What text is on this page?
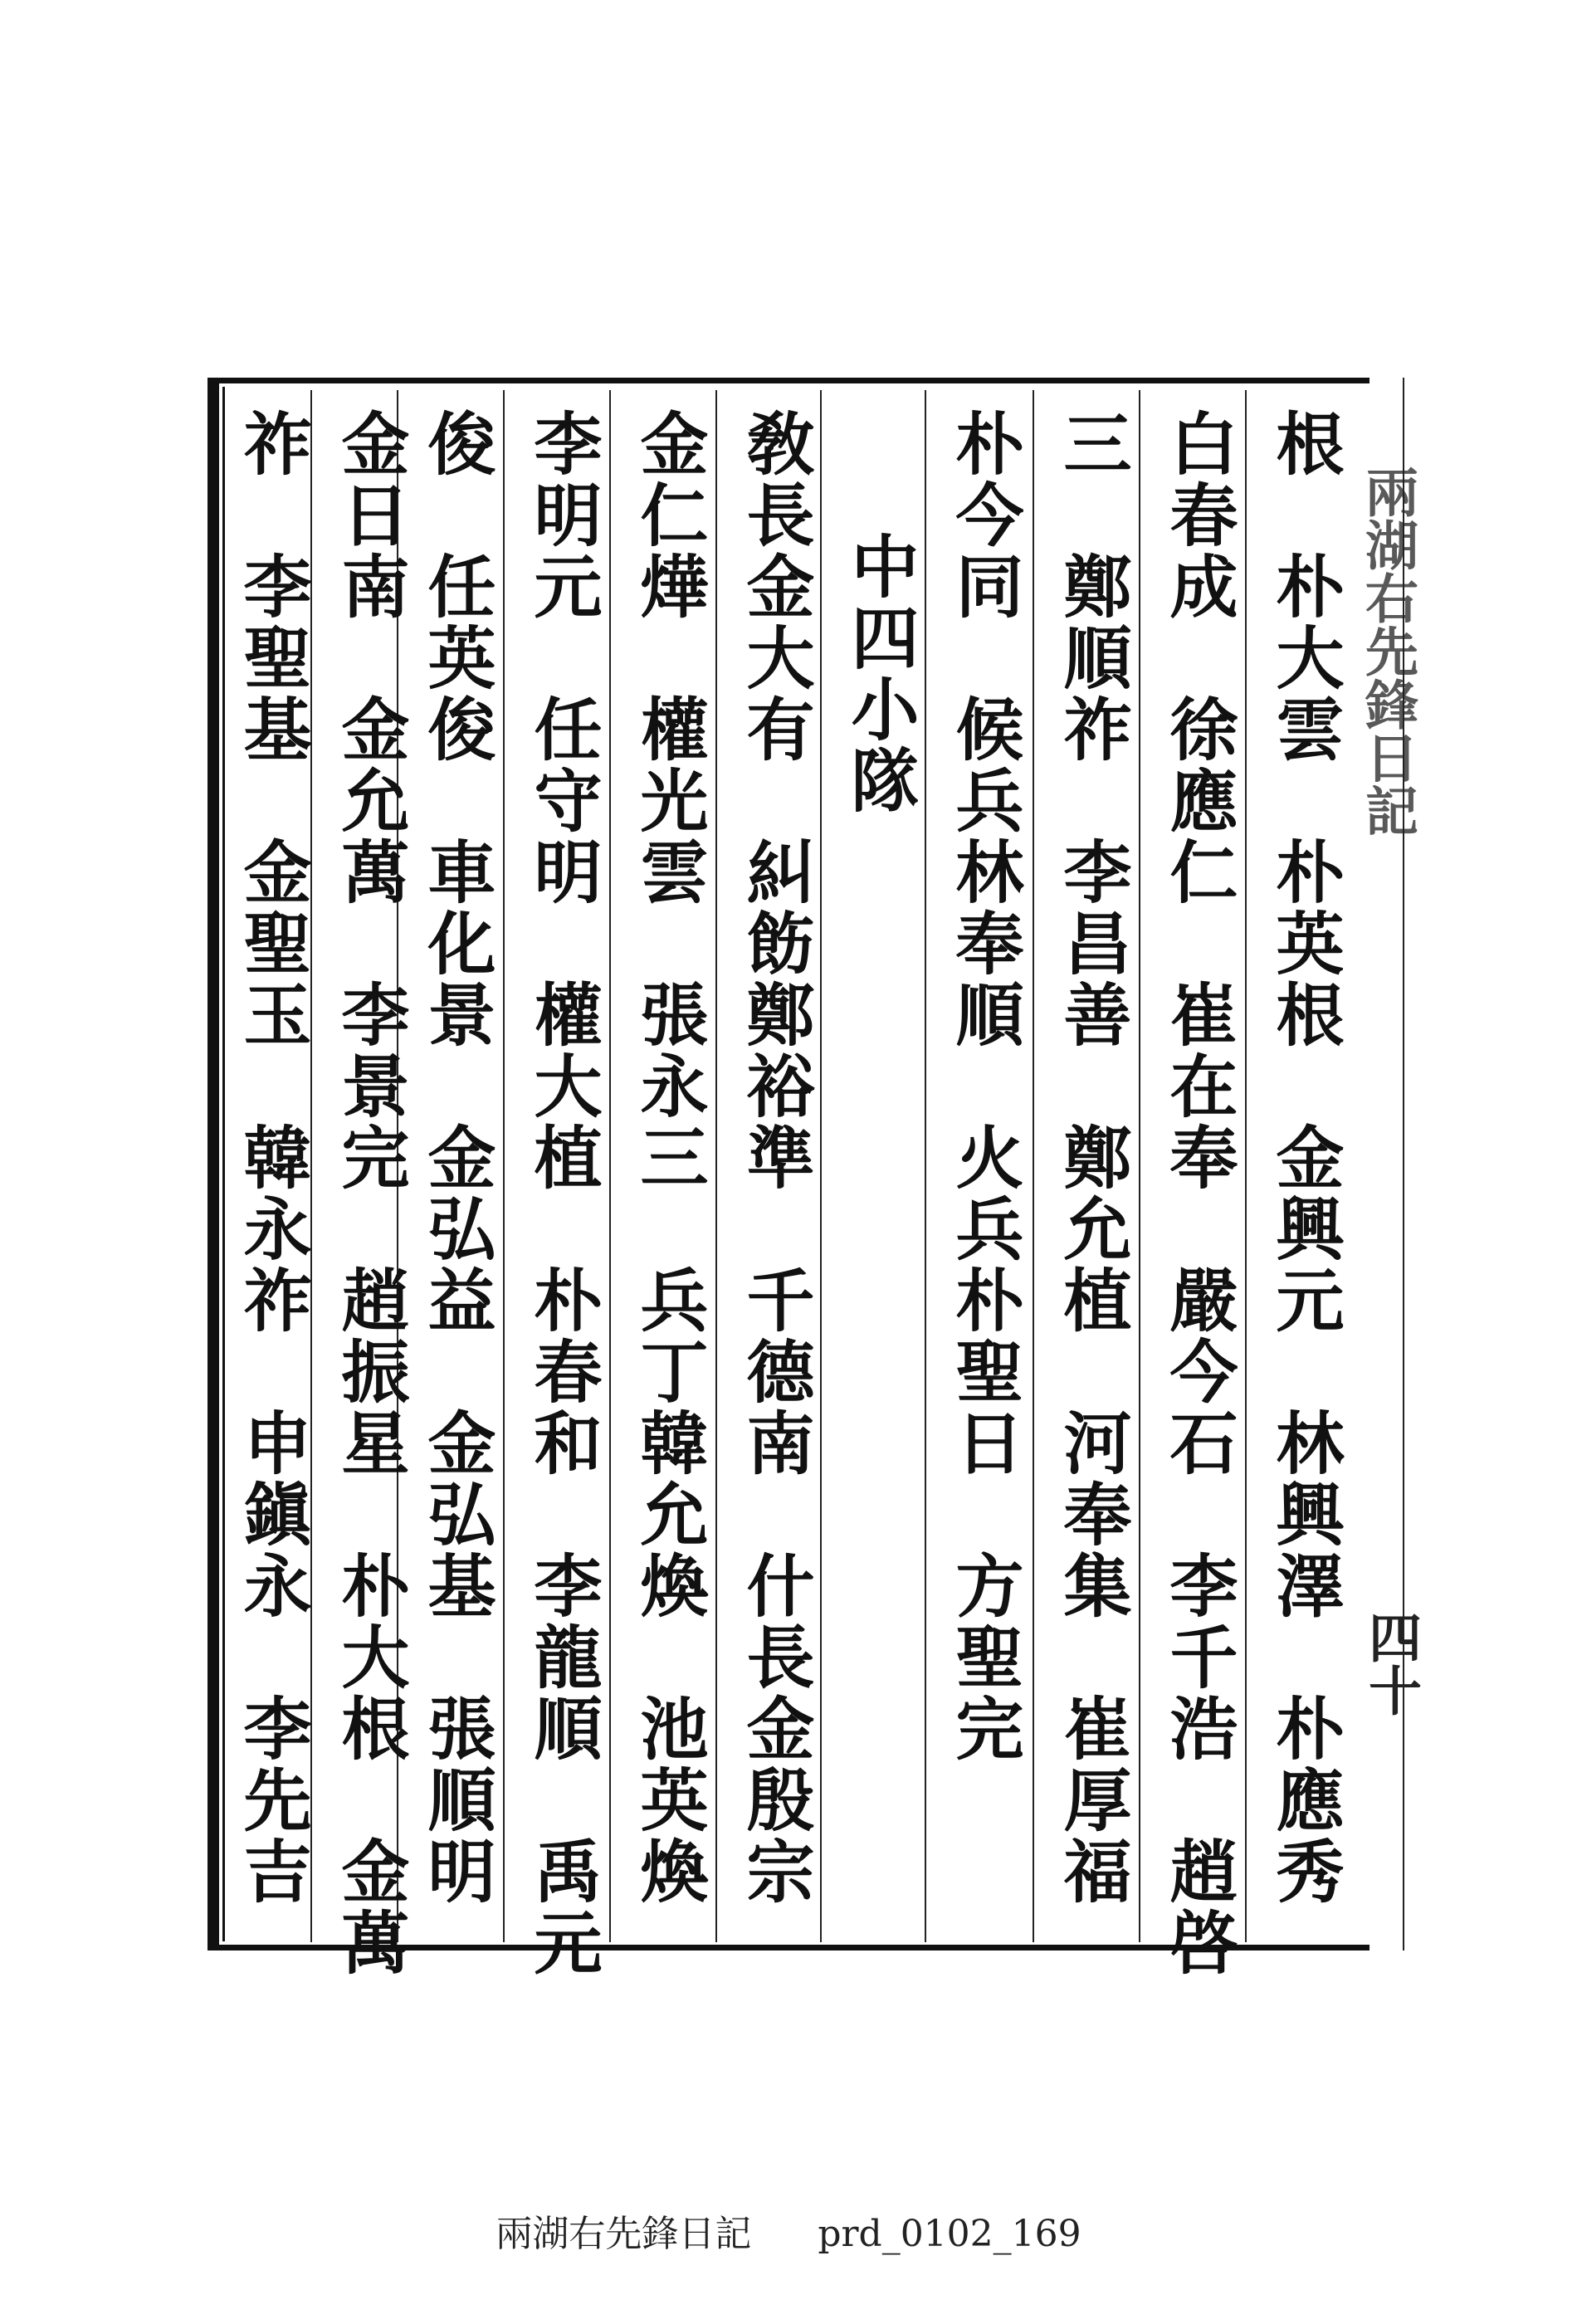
兩湖右先鋒日記
四十
根　朴大雲　朴英根　金興元　林興澤　朴應秀
白春成　徐應仁　崔在奉　嚴今石　李千浩　趙啓
三　鄭順祚　李昌善　鄭允植　河奉集　崔厚福
朴今同　候兵林奉順　火兵朴聖日　方聖完
中四小隊
敎長金大有　糾飭鄭裕準　千德南　什長金殷宗
金仁燁　權光雲　張永三　兵丁韓允煥　池英煥
李明元　任守明　權大植　朴春和　李龍順　禹元
俊　任英俊　車化景　金弘益　金弘基　張順明
金日南　金允萬　李景完　趙振星　朴大根　金萬
祚　李聖基　金聖玉　韓永祚　申鎭永　李先吉
兩湖右先鋒日記 prd_0102_169
